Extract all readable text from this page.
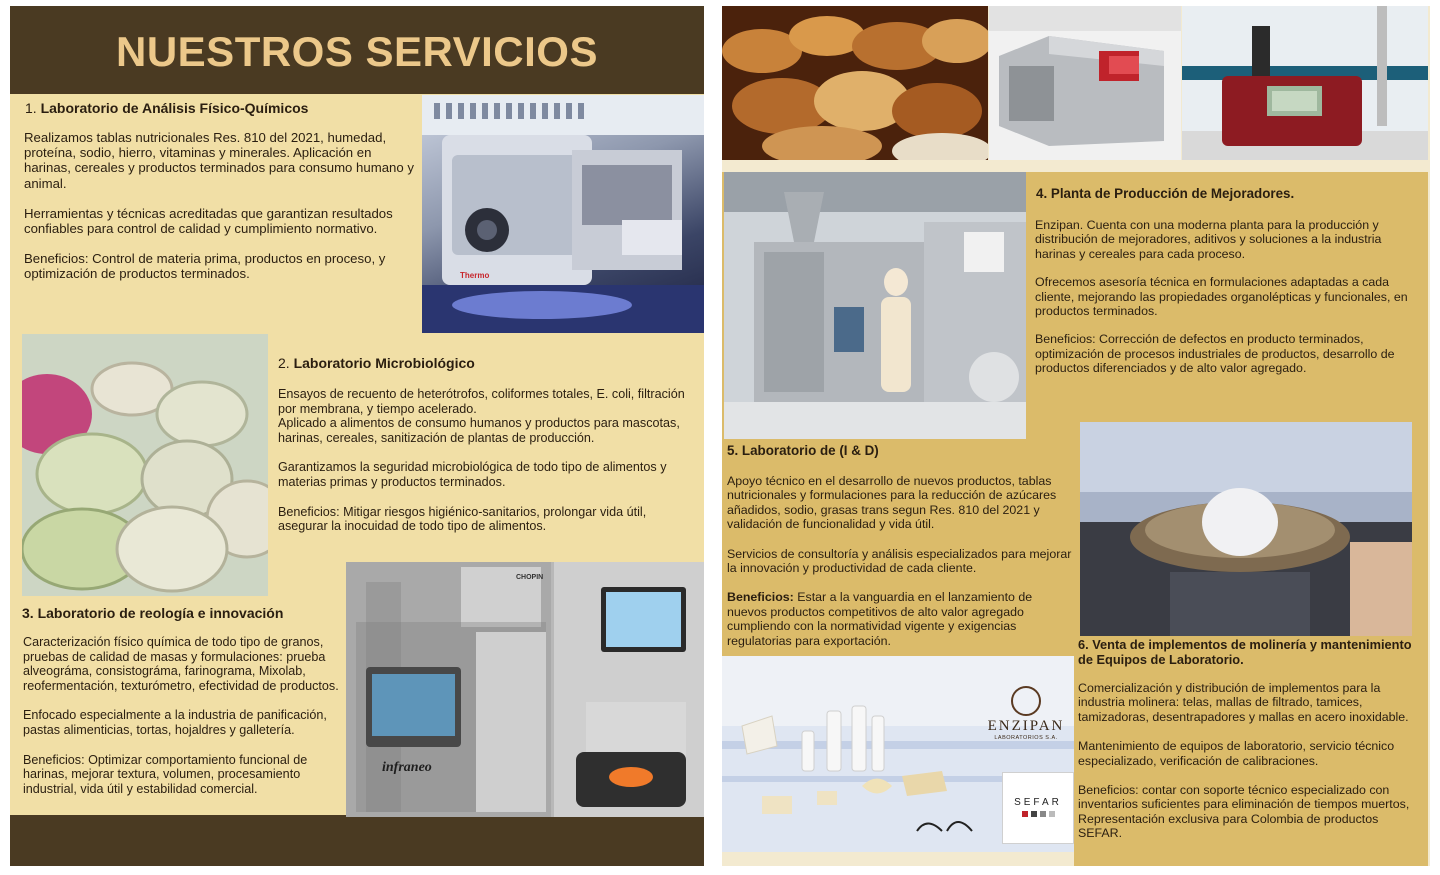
NUESTROS SERVICIOS
1. Laboratorio de Análisis Físico-Químicos

Realizamos tablas nutricionales Res. 810 del 2021, humedad, proteína, sodio, hierro, vitaminas y minerales. Aplicación en harinas, cereales y productos terminados para consumo humano y animal.

Herramientas y técnicas acreditadas que garantizan resultados confiables para control de calidad y cumplimiento normativo.

Beneficios: Control de materia prima, productos en proceso, y optimización de productos terminados.	Thermo
2. Laboratorio Microbiológico

Ensayos de recuento de heterótrofos, coliformes totales, E. coli, filtración por membrana, y tiempo acelerado.
Aplicado a alimentos de consumo humanos y productos para mascotas, harinas, cereales, sanitización de plantas de producción.

Garantizamos la seguridad microbiológica de todo tipo de alimentos y materias primas y productos terminados.

Beneficios: Mitigar riesgos higiénico-sanitarios, prolongar vida útil, asegurar la inocuidad de todo tipo de alimentos.

3. Laboratorio de reología e innovación

Caracterización físico química de todo tipo de granos, pruebas de calidad de masas y formulaciones: prueba alveográma, consistográma, farinograma, Mixolab, reofermentación, texturómetro, efectividad de productos.

Enfocado especialmente a la industria de panificación, pastas alimenticias, tortas, hojaldres y galletería.

Beneficios: Optimizar comportamiento funcional de harinas, mejorar textura, volumen, procesamiento industrial, vida útil y estabilidad comercial.

CHOPIN
infraneo
4. Planta de Producción de Mejoradores.

Enzipan. Cuenta con una moderna planta para la producción y distribución de mejoradores, aditivos y soluciones a la industria harinas y cereales para cada proceso.

Ofrecemos asesoría técnica en formulaciones adaptadas a cada cliente, mejorando las propiedades organolépticas y funcionales, en productos terminados.

Beneficios: Corrección de defectos en producto terminados, optimización de procesos industriales de productos, desarrollo de productos diferenciados y de alto valor agregado.

5. Laboratorio de (I & D)

Apoyo técnico en el desarrollo de nuevos productos, tablas nutricionales y formulaciones para la reducción de azúcares añadidos, sodio, grasas trans segun Res. 810 del 2021 y validación de funcionalidad y vida útil.

Servicios de consultoría y análisis especializados para mejorar la innovación y productividad de cada cliente.

Beneficios: Estar a la vanguardia en el lanzamiento de nuevos productos competitivos de alto valor agregado cumpliendo con la normatividad vigente y exigencias regulatorias para exportación.	6. Venta de implementos de molinería y mantenimiento de Equipos de Laboratorio.

Comercialización y distribución de implementos para la industria molinera: telas, mallas de filtrado, tamices, tamizadoras, desentrapadores y mallas en acero inoxidable.

Mantenimiento de equipos de laboratorio, servicio técnico especializado, verificación de calibraciones.

Beneficios: contar con soporte técnico especializado con inventarios suficientes para eliminación de tiempos muertos, Representación exclusiva para Colombia de productos SEFAR.

ENZIPAN
LABORATORIOS S.A.
SEFAR
